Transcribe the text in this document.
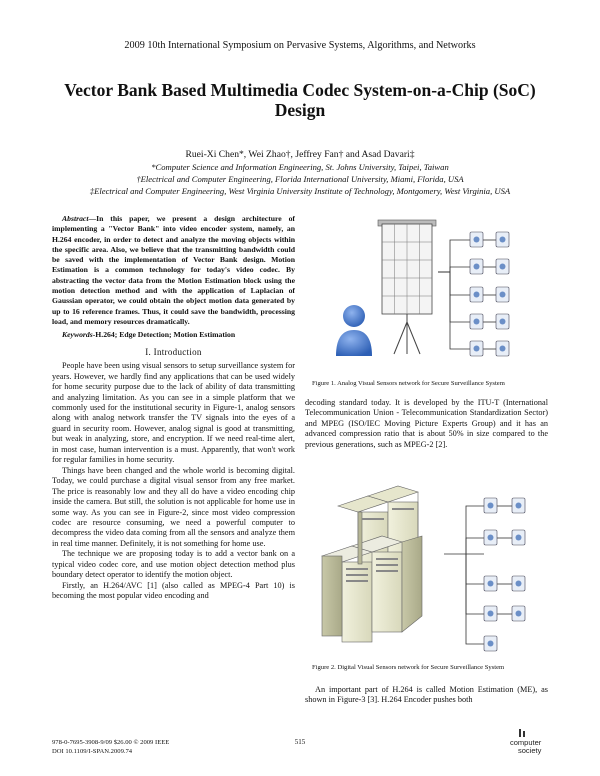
2009 10th International Symposium on Pervasive Systems, Algorithms, and Networks
Vector Bank Based Multimedia Codec System-on-a-Chip (SoC) Design
Ruei-Xi Chen*, Wei Zhao†, Jeffrey Fan† and Asad Davari‡
*Computer Science and Information Engineering, St. Johns University, Taipei, Taiwan
†Electrical and Computer Engineering, Florida International University, Miami, Florida, USA
‡Electrical and Computer Engineering, West Virginia University Institute of Technology, Montgomery, West Virginia, USA
Abstract—In this paper, we present a design architecture of implementing a "Vector Bank" into video encoder system, namely, an H.264 encoder, in order to detect and analyze the moving objects within the specific area. Also, we believe that the transmitting bandwidth could be saved with the implementation of Vector Bank design. Motion Estimation is a common technology for today's video codec. By abstracting the vector data from the Motion Estimation block using the motion detection method and with the application of Laplacian of Gaussian operator, we could obtain the object motion data generated by up to 16 reference frames. Thus, it could save the bandwidth, processing load, and memory resources dramatically.
Keywords-H.264; Edge Detection; Motion Estimation
I. Introduction

People have been using visual sensors to setup surveillance system for years. However, we hardly find any applications that can be used widely for home security purpose due to the lack of ability of data transmitting and analyzing limitation. As you can see in a simple platform that we commonly used for the institutional security in Figure-1, analog sensors along with analog network transfer the TV signals into the eyes of a guard in security room. However, analog signal is good at transmitting, but weak in analyzing, store, and encryption. If we need real-time alert, in most case, human intervention is a must. Apparently, that won't work for regular families in home security.

Things have been changed and the whole world is becoming digital. Today, we could purchase a digital visual sensor from any free market. The price is reasonably low and they all do have a video encoding chip inside the camera. But still, the solution is not applicable for home use in some way. As you can see in Figure-2, since most video compression codec are resource consuming, we need a powerful computer to decompress the video data coming from all the sensors and analyze them in real time manner. Definitely, it is not something for home use.

The technique we are proposing today is to add a vector bank on a typical video codec core, and use motion object detection method plus boundary detect operator to identify the motion object.

Firstly, an H.264/AVC [1] (also called as MPEG-4 Part 10) is becoming the most popular video encoding and

Figure 1. Analog Visual Sensors network for Secure Surveillance System

decoding standard today. It is developed by the ITU-T (International Telecommunication Union - Telecommunication Standardization Sector) and MPEG (ISO/IEC Moving Picture Experts Group) and it has an advanced compression ratio that is about 50% in size compared to the previous generations, such as MPEG-2 [2].

Figure 2. Digital Visual Sensors network for Secure Surveillance System

An important part of H.264 is called Motion Estimation (ME), as shown in Figure-3 [3]. H.264 Encoder pushes both

978-0-7695-3908-9/09 $26.00 © 2009 IEEE
DOI 10.1109/I-SPAN.2009.74
515	computer
society
